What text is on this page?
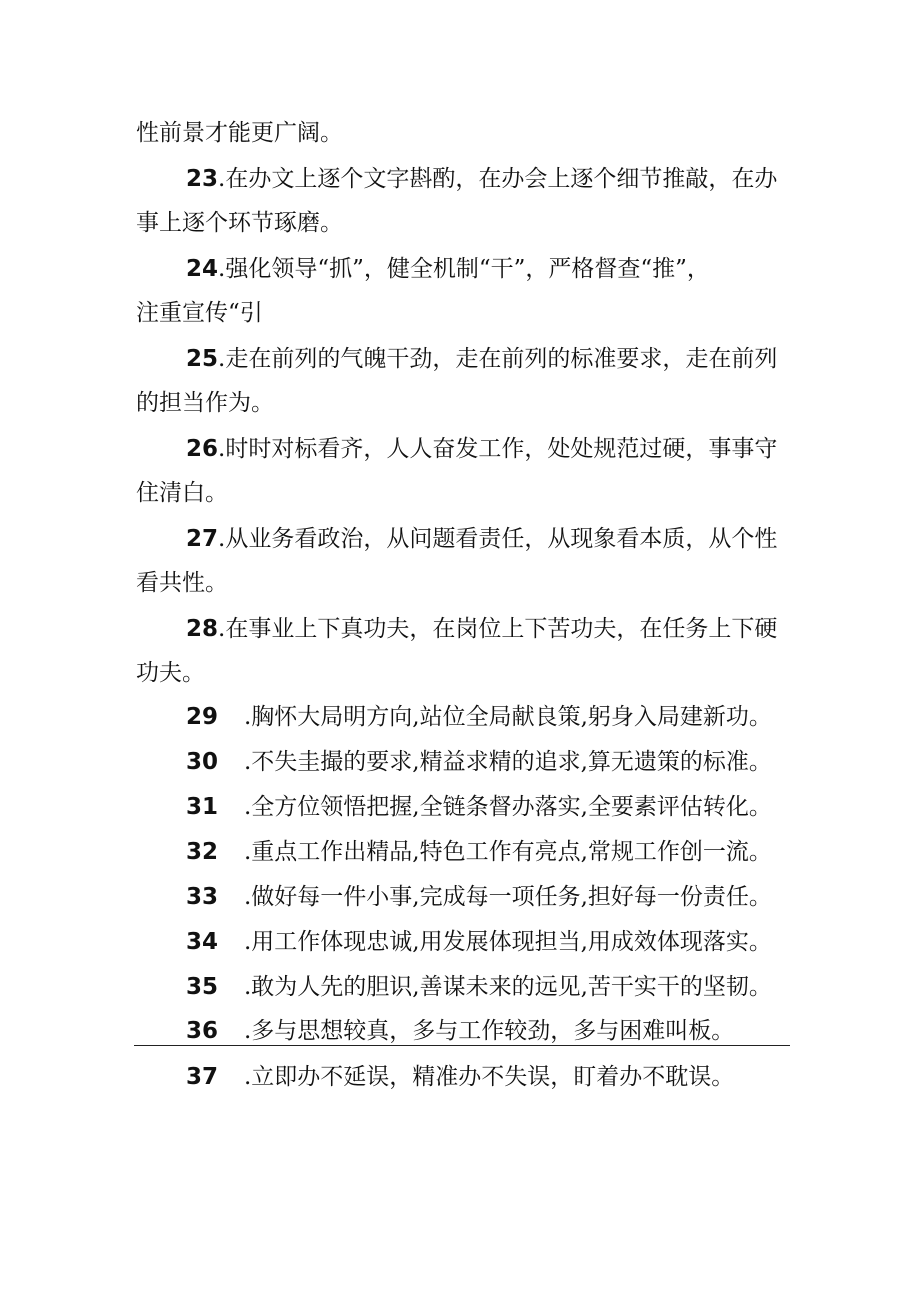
性前景才能更广阔。
23.在办文上逐个文字斟酌，在办会上逐个细节推敲，在办
事上逐个环节琢磨。
24.强化领导“抓”，健全机制“干”，严格督查“推”，
注重宣传“引
25.走在前列的气魄干劲，走在前列的标准要求，走在前列
的担当作为。
26.时时对标看齐，人人奋发工作，处处规范过硬，事事守
住清白。
27.从业务看政治，从问题看责任，从现象看本质，从个性
看共性。
28.在事业上下真功夫，在岗位上下苦功夫，在任务上下硬
功夫。
29 .胸怀大局明方向,站位全局献良策,躬身入局建新功。
30 .不失圭撮的要求,精益求精的追求,算无遗策的标准。
31 .全方位领悟把握,全链条督办落实,全要素评估转化。
32 .重点工作出精品,特色工作有亮点,常规工作创一流。
33 .做好每一件小事,完成每一项任务,担好每一份责任。
34 .用工作体现忠诚,用发展体现担当,用成效体现落实。
35 .敢为人先的胆识,善谋未来的远见,苦干实干的坚韧。
36 .多与思想较真，多与工作较劲，多与困难叫板。
37 .立即办不延误，精准办不失误，盯着办不耽误。
